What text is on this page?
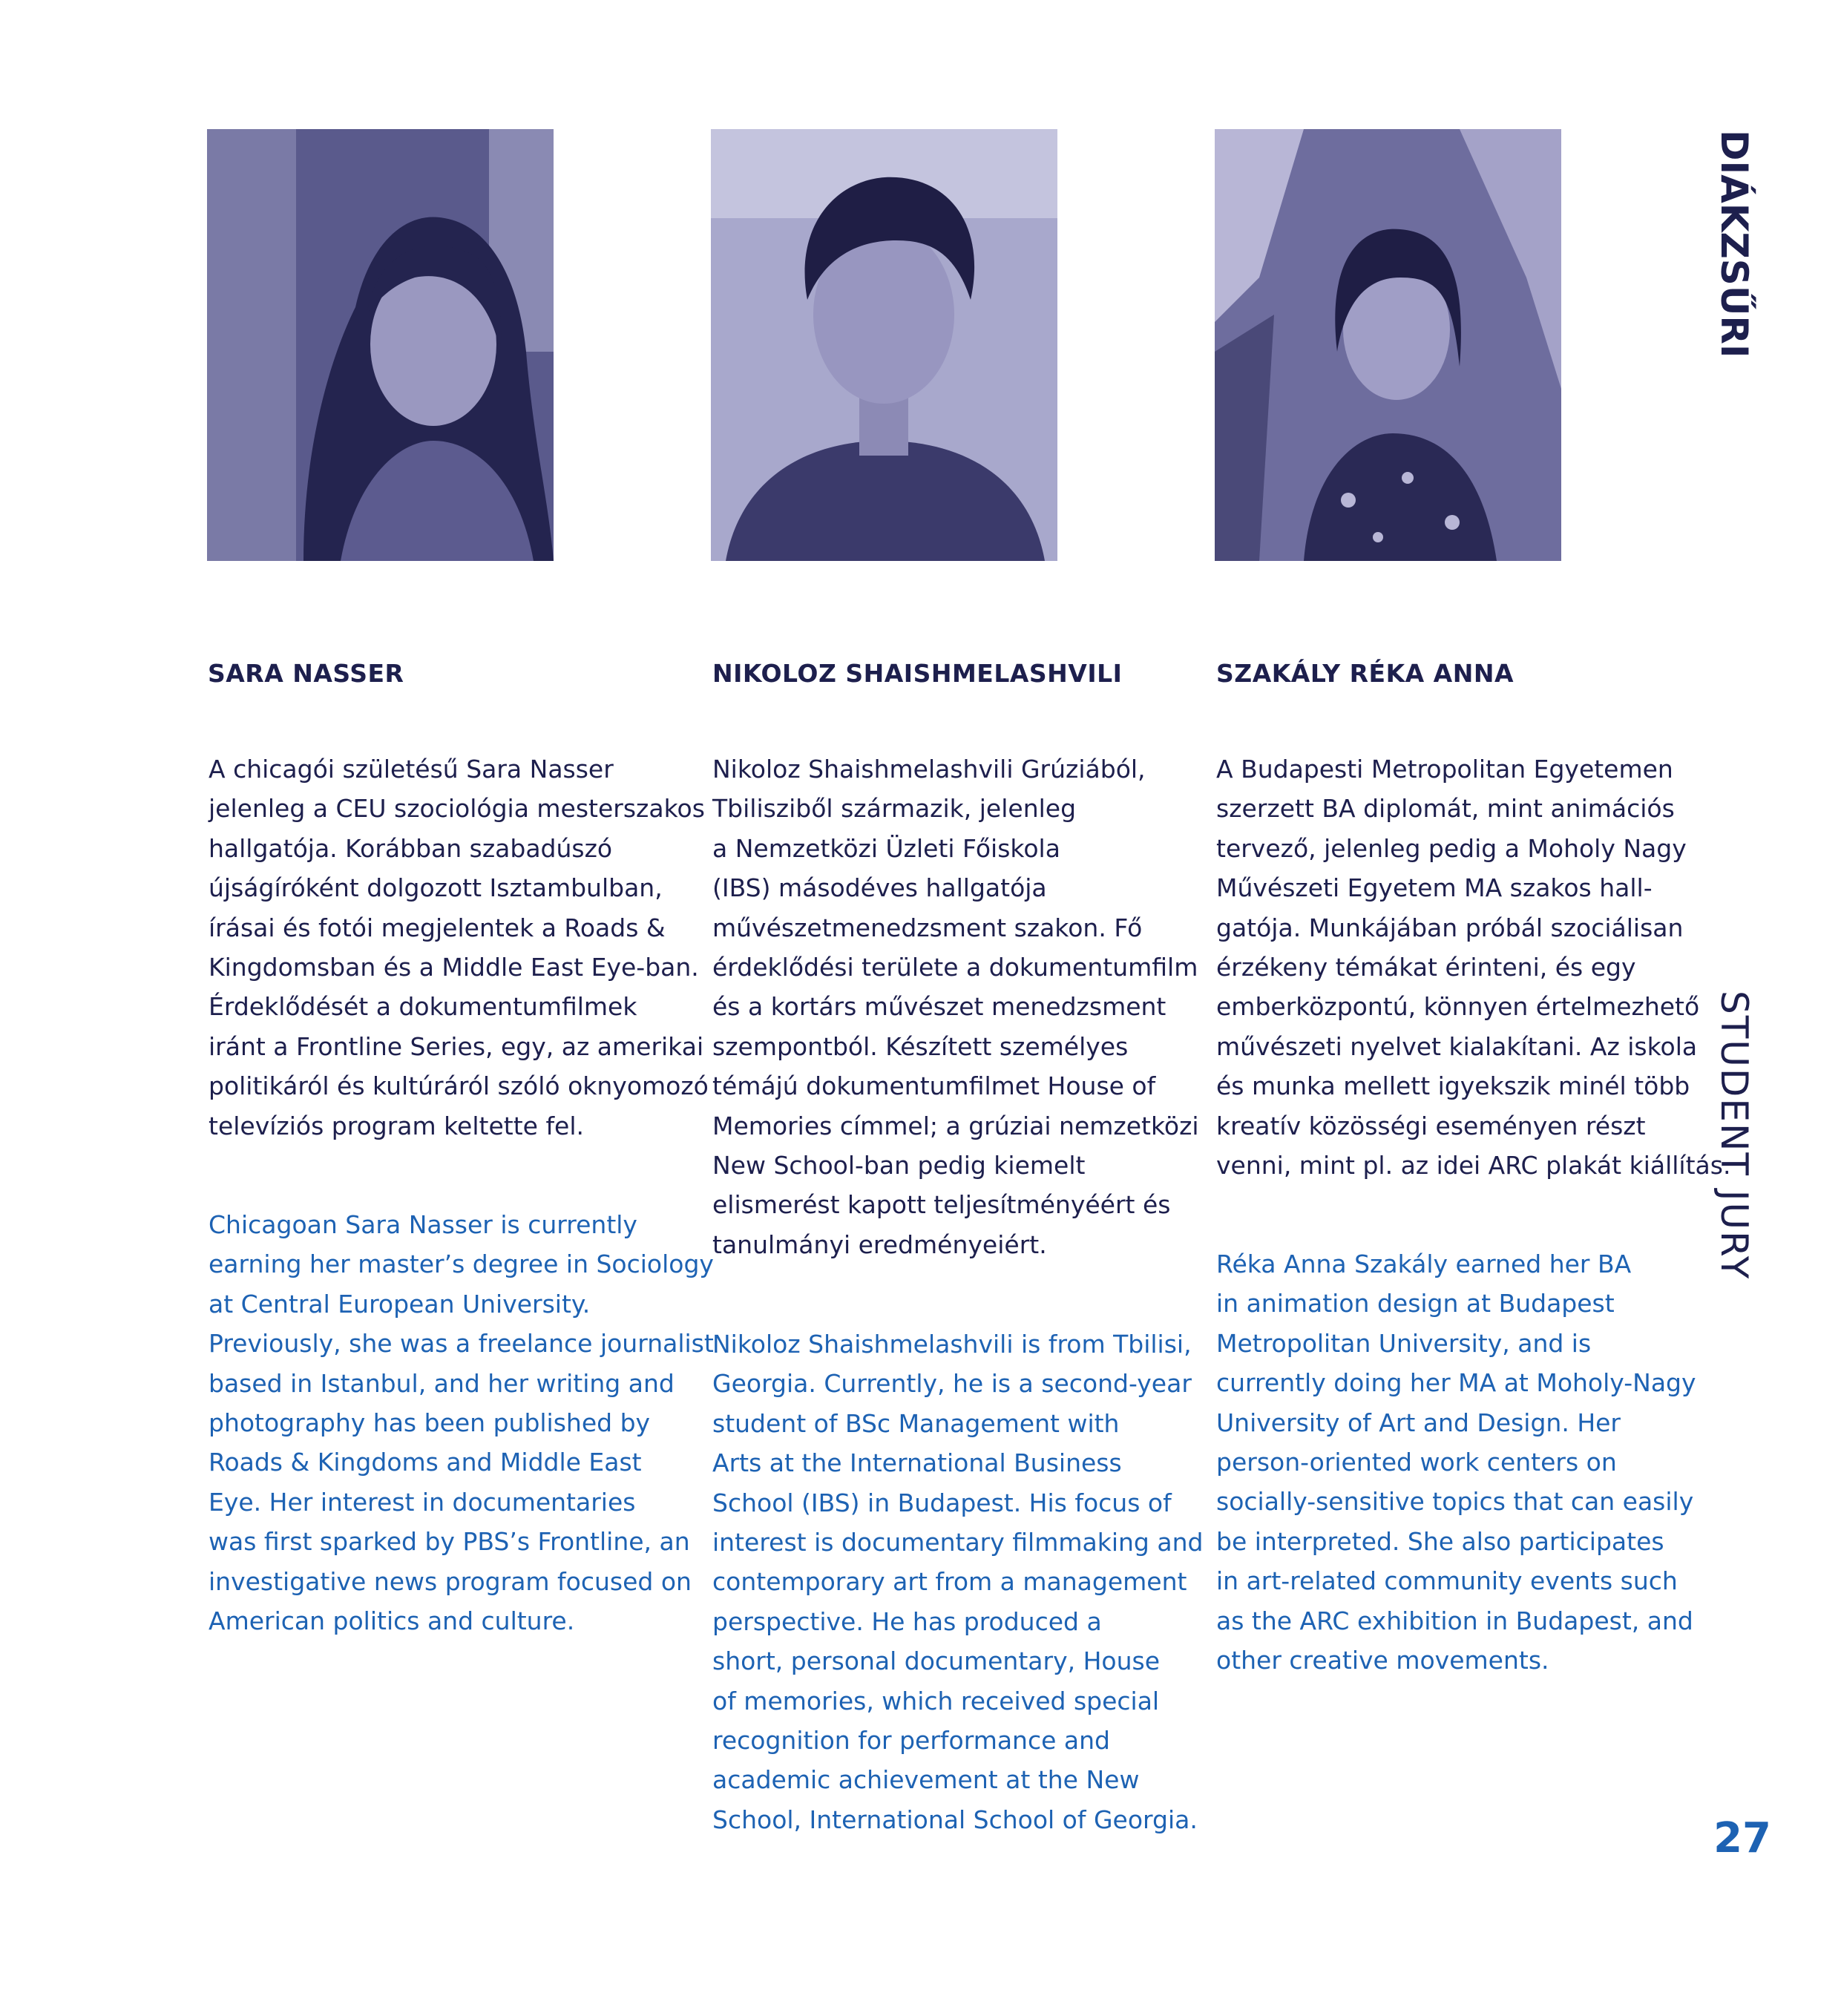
SARA NASSER

A chicagói születésű Sara Nasser
jelenleg a CEU szociológia mesterszakos
hallgatója. Korábban szabadúszó
újságíróként dolgozott Isztambulban,
írásai és fotói megjelentek a Roads &
Kingdomsban és a Middle East Eye-ban.
Érdeklődését a dokumentumfilmek
iránt a Frontline Series, egy, az amerikai
politikáról és kultúráról szóló oknyomozó
televíziós program keltette fel.

Chicagoan Sara Nasser is currently
earning her master’s degree in Sociology
at Central European University.
Previously, she was a freelance journalist
based in Istanbul, and her writing and
photography has been published by
Roads & Kingdoms and Middle East
Eye. Her interest in documentaries
was first sparked by PBS’s Frontline, an
investigative news program focused on
American politics and culture.

NIKOLOZ SHAISHMELASHVILI

Nikoloz Shaishmelashvili Grúziából,
Tbilisziből származik, jelenleg
a Nemzetközi Üzleti Főiskola
(IBS) másodéves hallgatója
művészetmenedzsment szakon. Fő
érdeklődési területe a dokumentumfilm
és a kortárs művészet menedzsment
szempontból. Készített személyes
témájú dokumentumfilmet House of
Memories címmel; a grúziai nemzetközi
New School-ban pedig kiemelt
elismerést kapott teljesítményéért és
tanulmányi eredményeiért.

Nikoloz Shaishmelashvili is from Tbilisi,
Georgia. Currently, he is a second-year
student of BSc Management with
Arts at the International Business
School (IBS) in Budapest. His focus of
interest is documentary filmmaking and
contemporary art from a management
perspective. He has produced a
short, personal documentary, House
of memories, which received special
recognition for performance and
academic achievement at the New
School, International School of Georgia.

SZAKÁLY RÉKA ANNA

A Budapesti Metropolitan Egyetemen
szerzett BA diplomát, mint animációs
tervező, jelenleg pedig a Moholy Nagy
Művészeti Egyetem MA szakos hall-
gatója. Munkájában próbál szociálisan
érzékeny témákat érinteni, és egy
emberközpontú, könnyen értelmezhető
művészeti nyelvet kialakítani. Az iskola
és munka mellett igyekszik minél több
kreatív közösségi eseményen részt
venni, mint pl. az idei ARC plakát kiállítás.

Réka Anna Szakály earned her BA
in animation design at Budapest
Metropolitan University, and is
currently doing her MA at Moholy-Nagy
University of Art and Design. Her
person-oriented work centers on
socially-sensitive topics that can easily
be interpreted. She also participates
in art-related community events such
as the ARC exhibition in Budapest, and
other creative movements.

DIÁKZSŰRI
STUDENT JURY
27
